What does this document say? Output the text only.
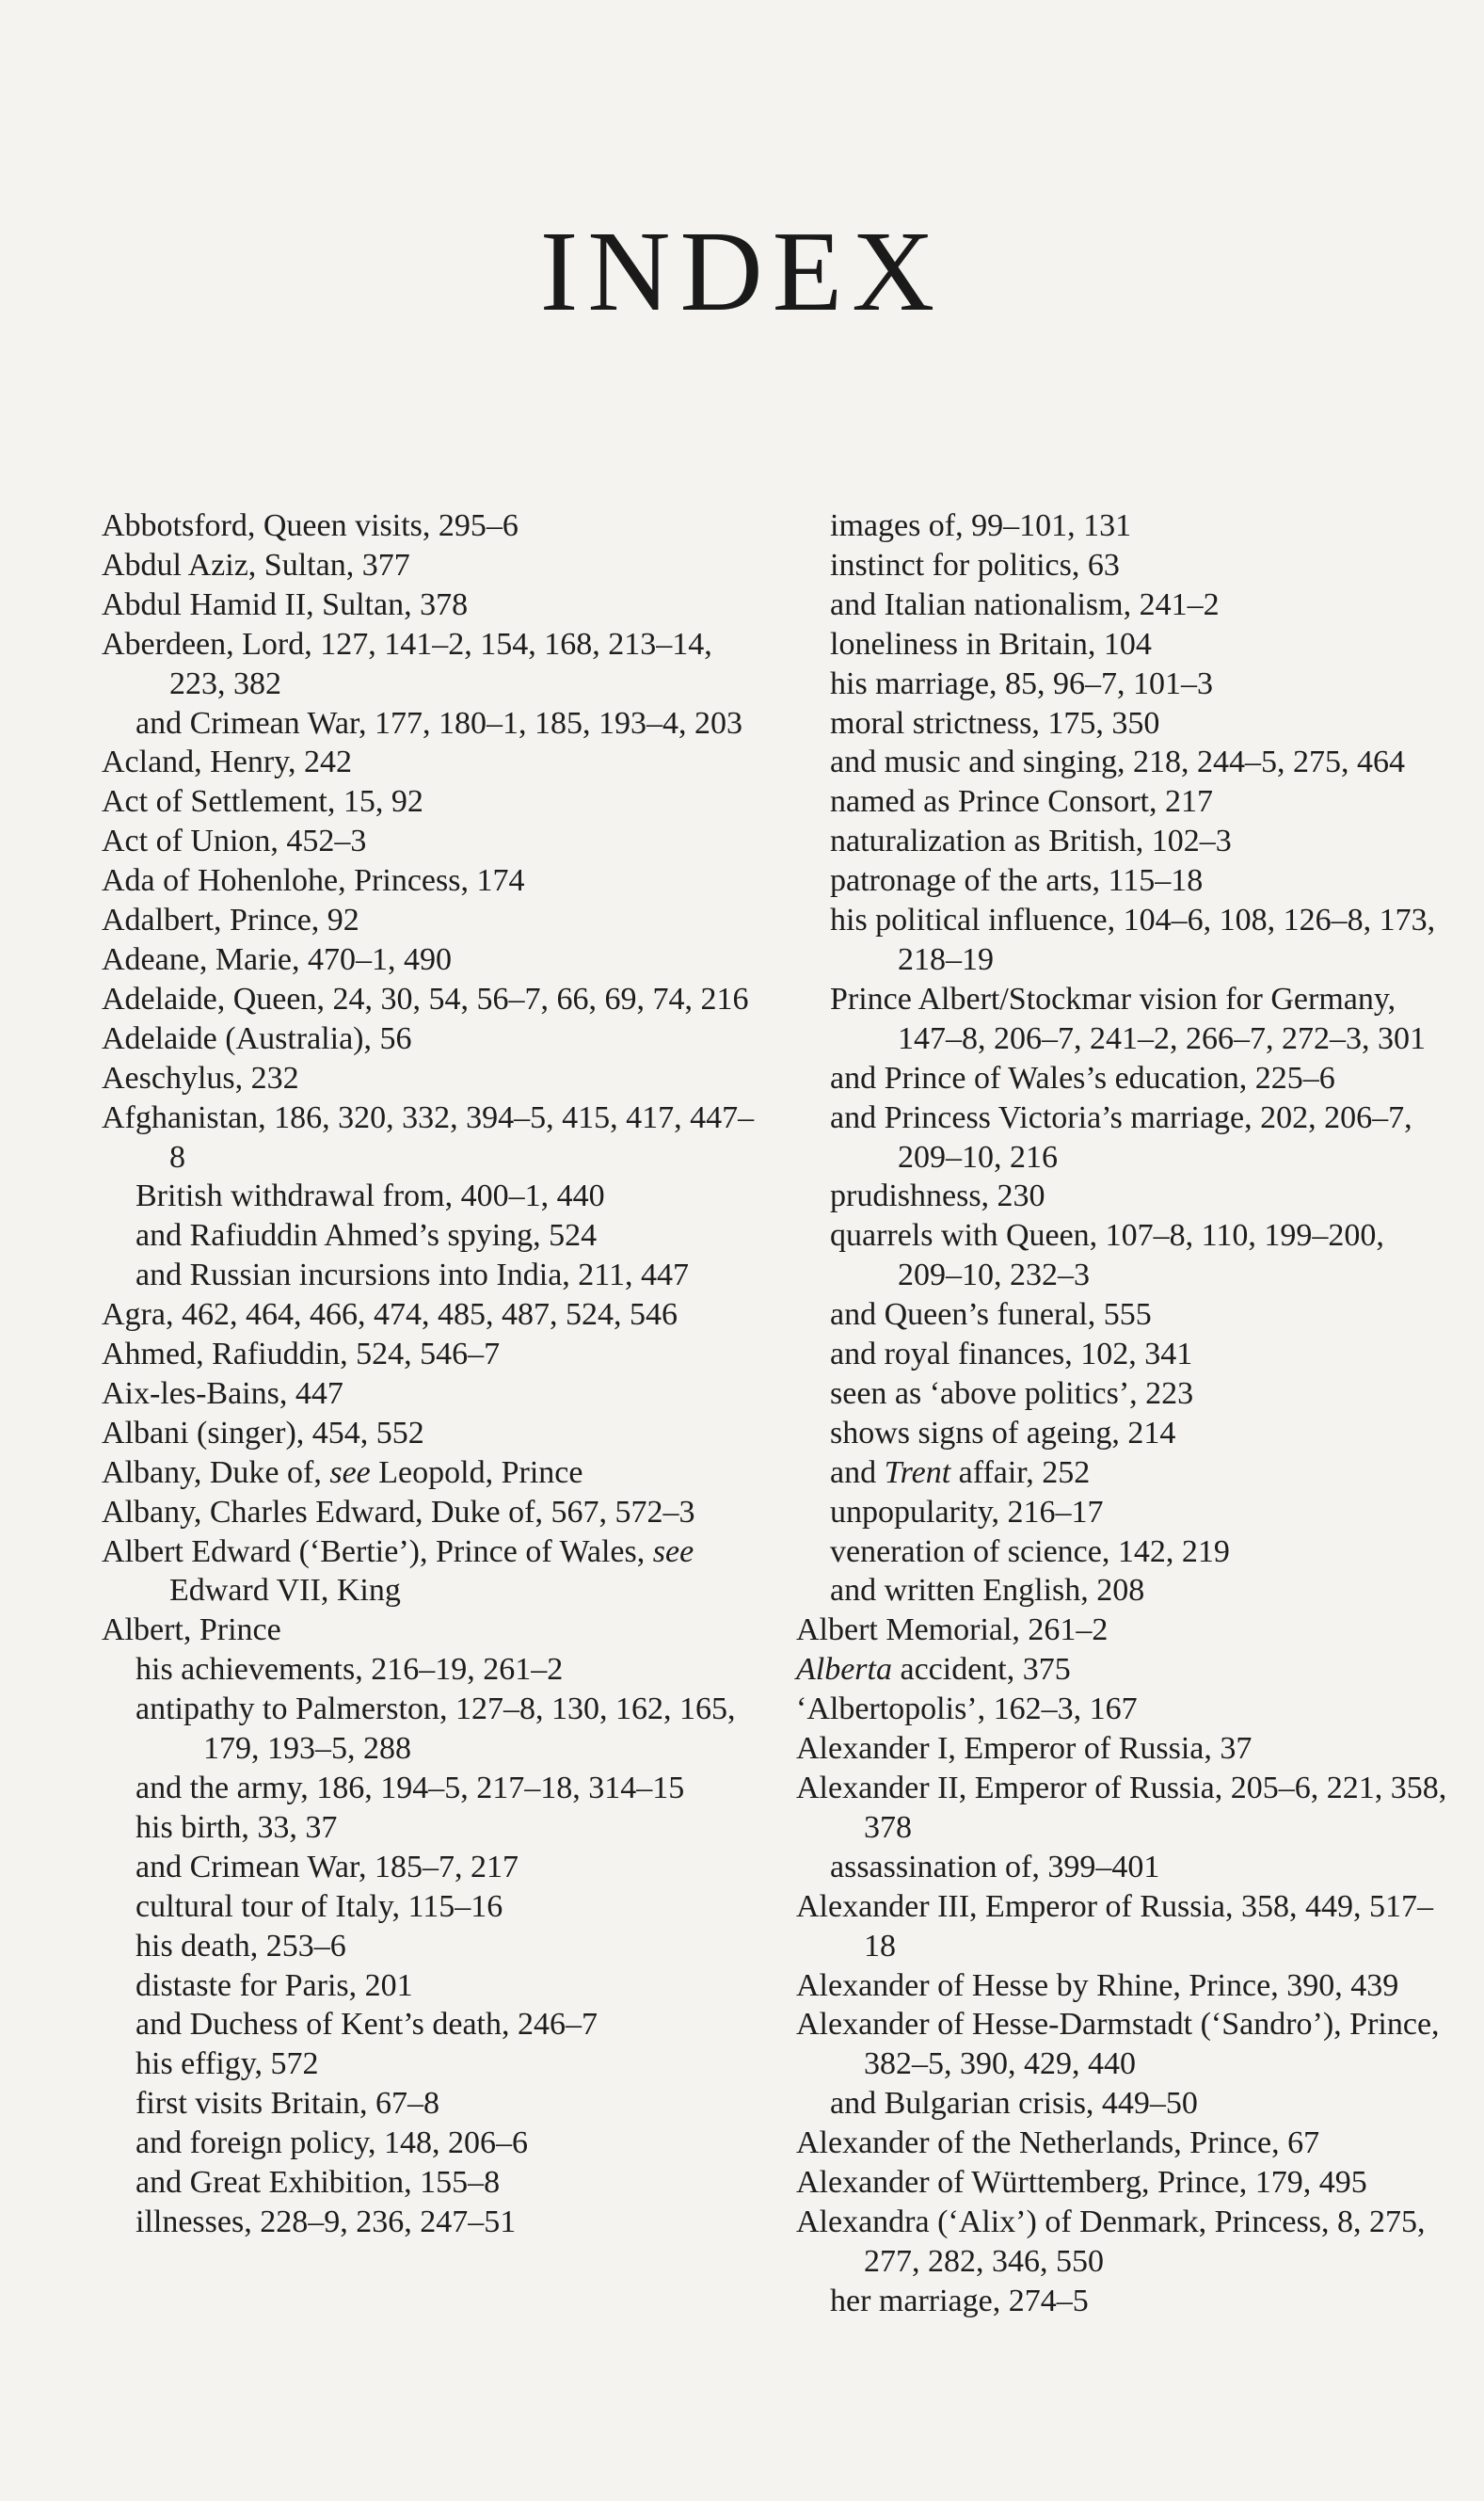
INDEX
Abbotsford, Queen visits, 295–6
Abdul Aziz, Sultan, 377
Abdul Hamid II, Sultan, 378
Aberdeen, Lord, 127, 141–2, 154, 168, 213–14, 223, 382
and Crimean War, 177, 180–1, 185, 193–4, 203
Acland, Henry, 242
Act of Settlement, 15, 92
Act of Union, 452–3
Ada of Hohenlohe, Princess, 174
Adalbert, Prince, 92
Adeane, Marie, 470–1, 490
Adelaide, Queen, 24, 30, 54, 56–7, 66, 69, 74, 216
Adelaide (Australia), 56
Aeschylus, 232
Afghanistan, 186, 320, 332, 394–5, 415, 417, 447–8
British withdrawal from, 400–1, 440
and Rafiuddin Ahmed’s spying, 524
and Russian incursions into India, 211, 447
Agra, 462, 464, 466, 474, 485, 487, 524, 546
Ahmed, Rafiuddin, 524, 546–7
Aix-les-Bains, 447
Albani (singer), 454, 552
Albany, Duke of, see Leopold, Prince
Albany, Charles Edward, Duke of, 567, 572–3
Albert Edward (‘Bertie’), Prince of Wales, see Edward VII, King
Albert, Prince
his achievements, 216–19, 261–2
antipathy to Palmerston, 127–8, 130, 162, 165, 179, 193–5, 288
and the army, 186, 194–5, 217–18, 314–15
his birth, 33, 37
and Crimean War, 185–7, 217
cultural tour of Italy, 115–16
his death, 253–6
distaste for Paris, 201
and Duchess of Kent’s death, 246–7
his effigy, 572
first visits Britain, 67–8
and foreign policy, 148, 206–6
and Great Exhibition, 155–8
illnesses, 228–9, 236, 247–51
images of, 99–101, 131
instinct for politics, 63
and Italian nationalism, 241–2
loneliness in Britain, 104
his marriage, 85, 96–7, 101–3
moral strictness, 175, 350
and music and singing, 218, 244–5, 275, 464
named as Prince Consort, 217
naturalization as British, 102–3
patronage of the arts, 115–18
his political influence, 104–6, 108, 126–8, 173, 218–19
Prince Albert/Stockmar vision for Germany, 147–8, 206–7, 241–2, 266–7, 272–3, 301
and Prince of Wales’s education, 225–6
and Princess Victoria’s marriage, 202, 206–7, 209–10, 216
prudishness, 230
quarrels with Queen, 107–8, 110, 199–200, 209–10, 232–3
and Queen’s funeral, 555
and royal finances, 102, 341
seen as ‘above politics’, 223
shows signs of ageing, 214
and Trent affair, 252
unpopularity, 216–17
veneration of science, 142, 219
and written English, 208
Albert Memorial, 261–2
Alberta accident, 375
‘Albertopolis’, 162–3, 167
Alexander I, Emperor of Russia, 37
Alexander II, Emperor of Russia, 205–6, 221, 358, 378
assassination of, 399–401
Alexander III, Emperor of Russia, 358, 449, 517–18
Alexander of Hesse by Rhine, Prince, 390, 439
Alexander of Hesse-Darmstadt (‘Sandro’), Prince, 382–5, 390, 429, 440
and Bulgarian crisis, 449–50
Alexander of the Netherlands, Prince, 67
Alexander of Württemberg, Prince, 179, 495
Alexandra (‘Alix’) of Denmark, Princess, 8, 275, 277, 282, 346, 550
her marriage, 274–5
